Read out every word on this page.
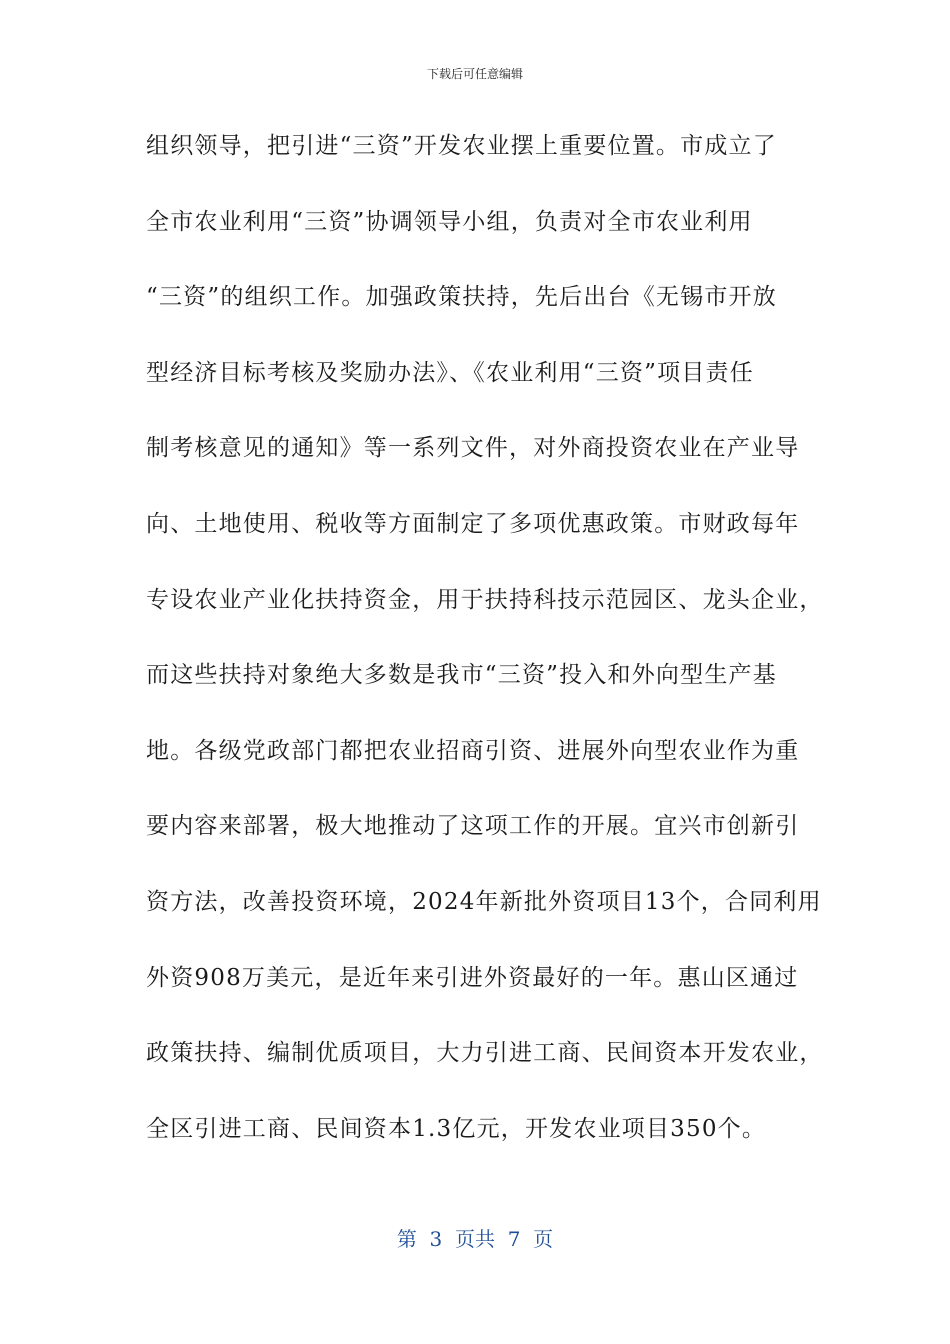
下载后可任意编辑
组织领导，把引进“三资”开发农业摆上重要位置。市成立了
全市农业利用“三资”协调领导小组，负责对全市农业利用
“三资”的组织工作。加强政策扶持，先后出台《无锡市开放
型经济目标考核及奖励办法》、《农业利用“三资”项目责任
制考核意见的通知》等一系列文件，对外商投资农业在产业导
向、土地使用、税收等方面制定了多项优惠政策。市财政每年
专设农业产业化扶持资金，用于扶持科技示范园区、龙头企业，
而这些扶持对象绝大多数是我市“三资”投入和外向型生产基
地。各级党政部门都把农业招商引资、进展外向型农业作为重
要内容来部署，极大地推动了这项工作的开展。宜兴市创新引
资方法，改善投资环境，2024年新批外资项目13个，合同利用
外资908万美元，是近年来引进外资最好的一年。惠山区通过
政策扶持、编制优质项目，大力引进工商、民间资本开发农业，
全区引进工商、民间资本1.3亿元，开发农业项目350个。
第  3  页共  7  页
